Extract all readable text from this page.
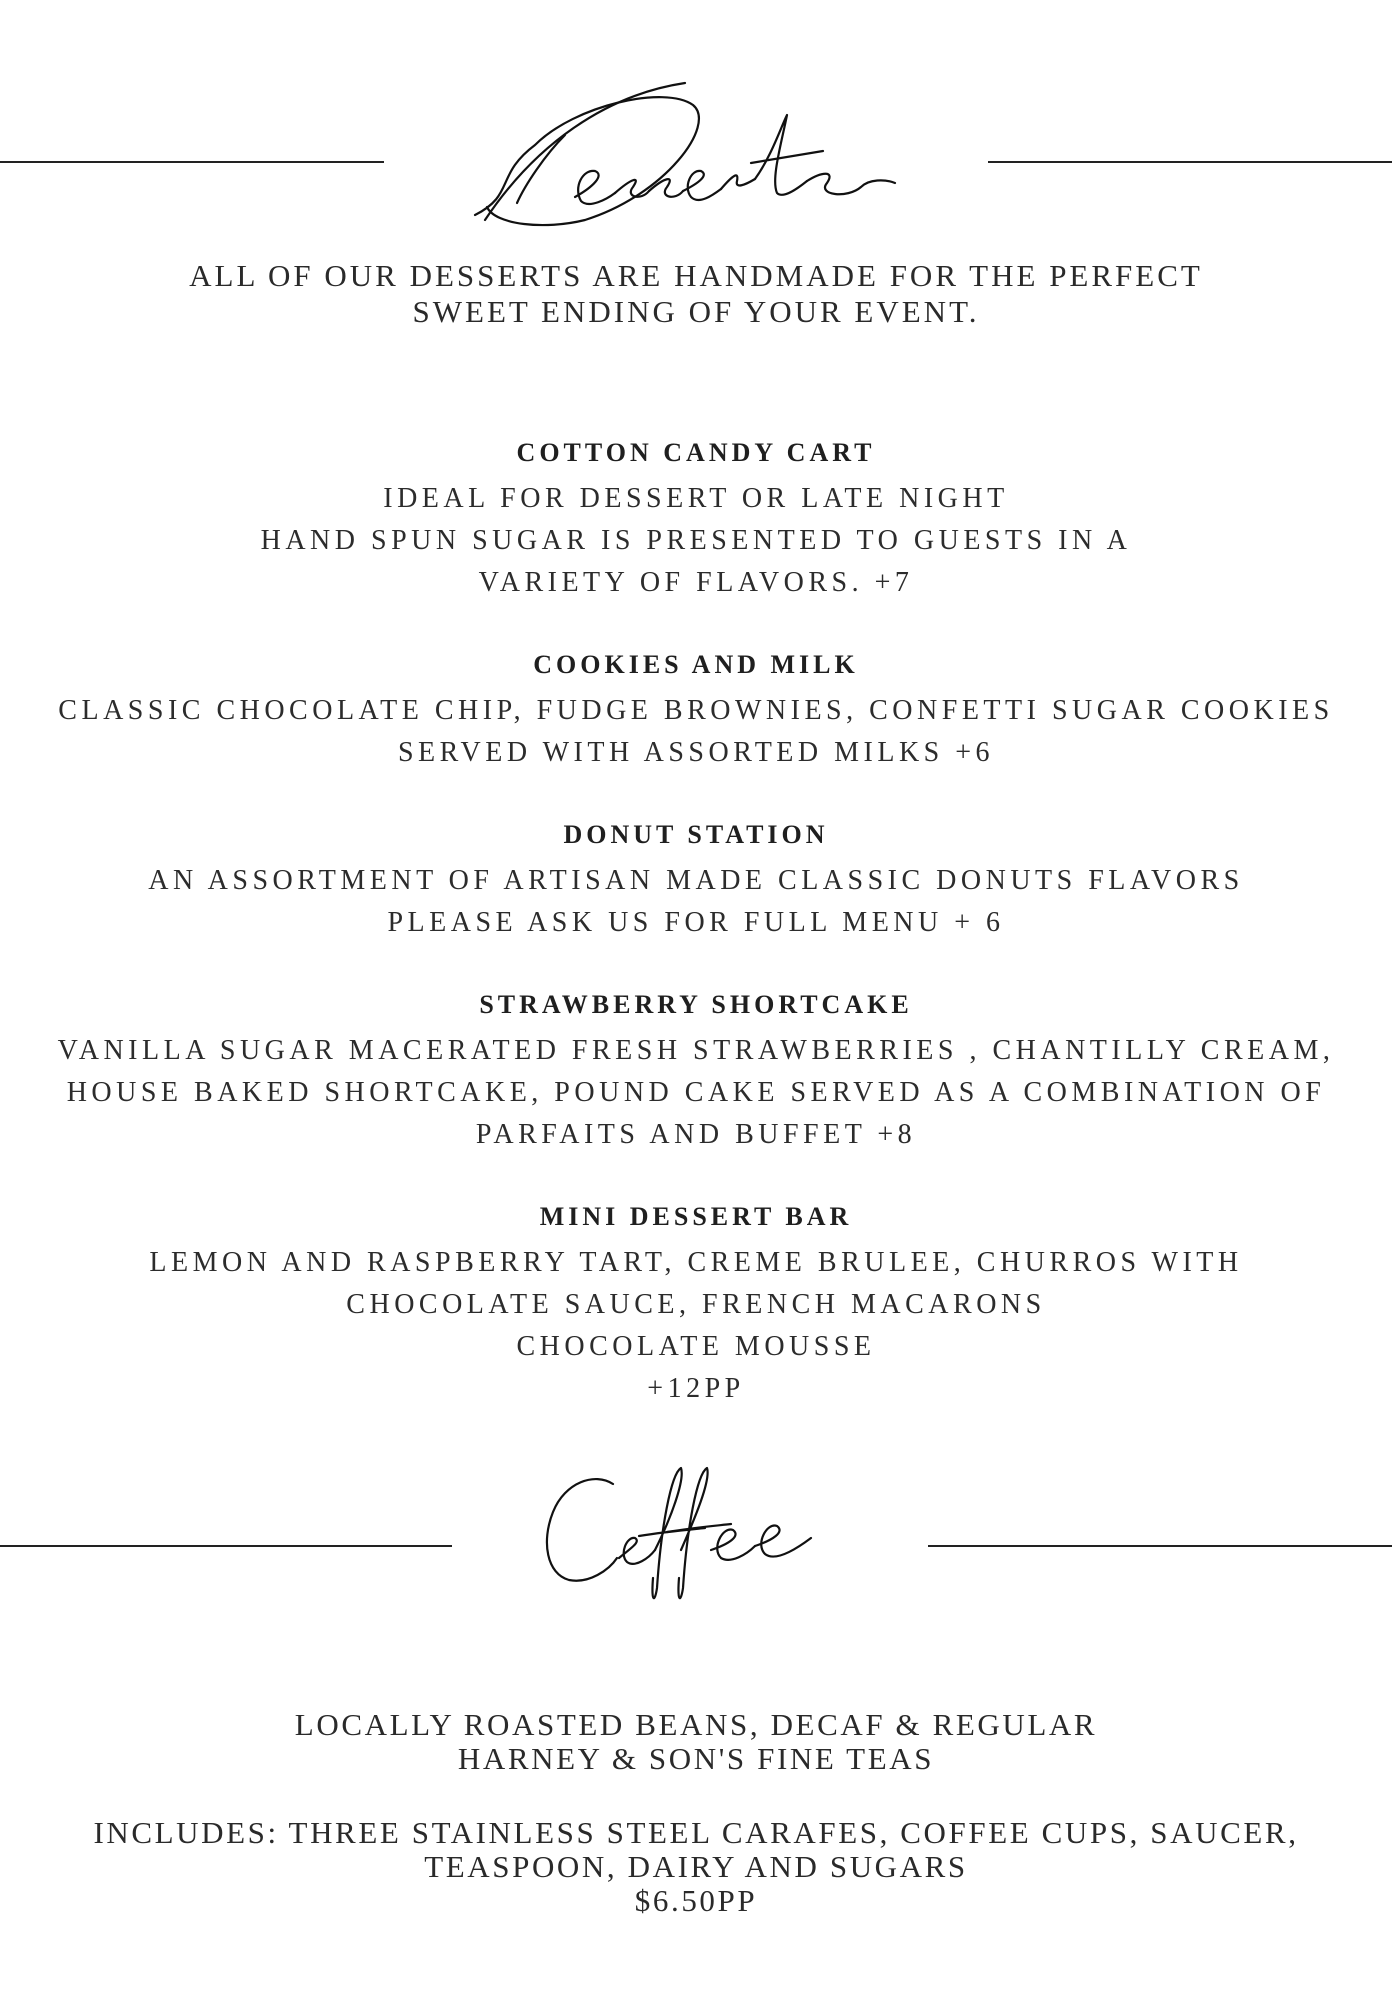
ALL OF OUR DESSERTS ARE HANDMADE FOR THE PERFECT
SWEET ENDING OF YOUR EVENT.
COTTON CANDY CART
IDEAL FOR DESSERT OR LATE NIGHT
HAND SPUN SUGAR IS PRESENTED TO GUESTS IN A
VARIETY OF FLAVORS. +7
COOKIES AND MILK
CLASSIC CHOCOLATE CHIP, FUDGE BROWNIES, CONFETTI SUGAR COOKIES
SERVED WITH ASSORTED MILKS +6
DONUT STATION
AN ASSORTMENT OF ARTISAN MADE CLASSIC DONUTS FLAVORS
PLEASE ASK US FOR FULL MENU + 6
STRAWBERRY SHORTCAKE
VANILLA SUGAR MACERATED FRESH STRAWBERRIES , CHANTILLY CREAM,
HOUSE BAKED SHORTCAKE, POUND CAKE SERVED AS A COMBINATION OF
PARFAITS AND BUFFET +8
MINI DESSERT BAR
LEMON AND RASPBERRY TART, CREME BRULEE, CHURROS WITH
CHOCOLATE SAUCE, FRENCH MACARONS
CHOCOLATE MOUSSE
+12PP
LOCALLY ROASTED BEANS, DECAF & REGULAR
HARNEY & SON'S FINE TEAS
INCLUDES: THREE STAINLESS STEEL CARAFES, COFFEE CUPS, SAUCER,
TEASPOON, DAIRY AND SUGARS
$6.50PP
